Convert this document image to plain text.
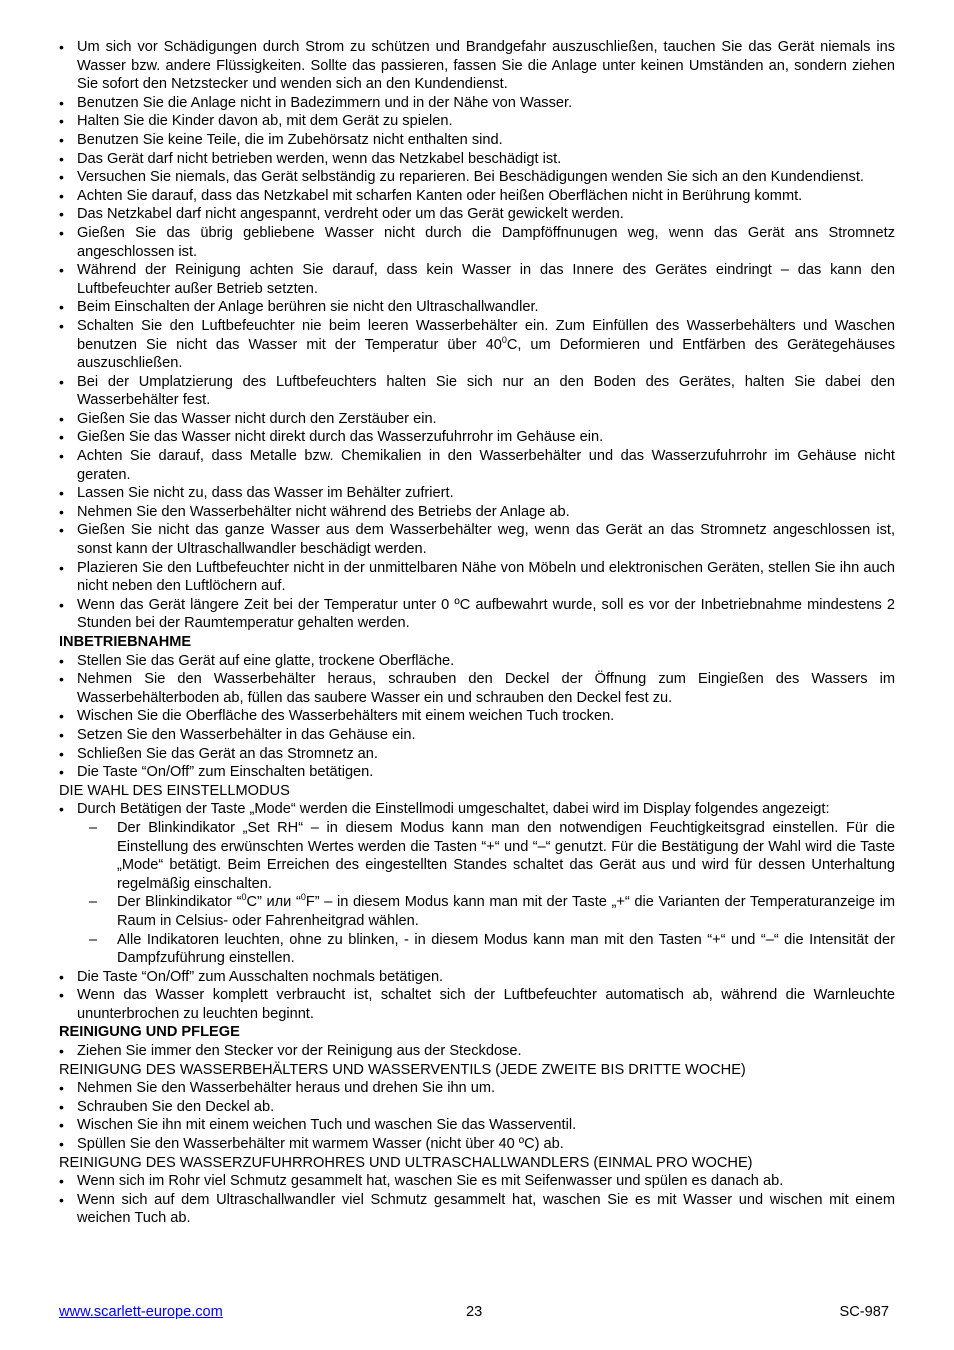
• Um sich vor Schädigungen durch Strom zu schützen und Brandgefahr auszuschließen, tauchen Sie das Gerät niemals ins Wasser bzw. andere Flüssigkeiten. Sollte das passieren, fassen Sie die Anlage unter keinen Umständen an, sondern ziehen Sie sofort den Netzstecker und wenden sich an den Kundendienst.
• Benutzen Sie die Anlage nicht in Badezimmern und in der Nähe von Wasser.
• Halten Sie die Kinder davon ab, mit dem Gerät zu spielen.
• Benutzen Sie keine Teile, die im Zubehörsatz nicht enthalten sind.
• Das Gerät darf nicht betrieben werden, wenn das Netzkabel beschädigt ist.
• Versuchen Sie niemals, das Gerät selbständig zu reparieren. Bei Beschädigungen wenden Sie sich an den Kundendienst.
• Achten Sie darauf, dass das Netzkabel mit scharfen Kanten oder heißen Oberflächen nicht in Berührung kommt.
• Das Netzkabel darf nicht angespannt, verdreht oder um das Gerät gewickelt werden.
• Gießen Sie das übrig gebliebene Wasser nicht durch die Dampföffnunugen weg, wenn das Gerät ans Stromnetz angeschlossen ist.
• Während der Reinigung achten Sie darauf, dass kein Wasser in das Innere des Gerätes eindringt – das kann den Luftbefeuchter außer Betrieb setzten.
• Beim Einschalten der Anlage berühren sie nicht den Ultraschallwandler.
• Schalten Sie den Luftbefeuchter nie beim leeren Wasserbehälter ein. Zum Einfüllen des Wasserbehälters und Waschen benutzen Sie nicht das Wasser mit der Temperatur über $40^0C$, um Deformieren und Entfärben des Gerätegehäuses auszuschließen.
• Bei der Umplatzierung des Luftbefeuchters halten Sie sich nur an den Boden des Gerätes, halten Sie dabei den Wasserbehälter fest.
• Gießen Sie das Wasser nicht durch den Zerstäuber ein.
• Gießen Sie das Wasser nicht direkt durch das Wasserzufuhrrohr im Gehäuse ein.
• Achten Sie darauf, dass Metalle bzw. Chemikalien in den Wasserbehälter und das Wasserzufuhrrohr im Gehäuse nicht geraten.
• Lassen Sie nicht zu, dass das Wasser im Behälter zufriert.
• Nehmen Sie den Wasserbehälter nicht während des Betriebs der Anlage ab.
• Gießen Sie nicht das ganze Wasser aus dem Wasserbehälter weg, wenn das Gerät an das Stromnetz angeschlossen ist, sonst kann der Ultraschallwandler beschädigt werden.
• Plazieren Sie den Luftbefeuchter nicht in der unmittelbaren Nähe von Möbeln und elektronischen Geräten, stellen Sie ihn auch nicht neben den Luftlöchern auf.
• Wenn das Gerät längere Zeit bei der Temperatur unter 0 ºC aufbewahrt wurde, soll es vor der Inbetriebnahme mindestens 2 Stunden bei der Raumtemperatur gehalten werden.
INBETRIEBNAHME
• Stellen Sie das Gerät auf eine glatte, trockene Oberfläche.
• Nehmen Sie den Wasserbehälter heraus, schrauben den Deckel der Öffnung zum Eingießen des Wassers im Wasserbehälterboden ab, füllen das saubere Wasser ein und schrauben den Deckel fest zu.
• Wischen Sie die Oberfläche des Wasserbehälters mit einem weichen Tuch trocken.
• Setzen Sie den Wasserbehälter in das Gehäuse ein.
• Schließen Sie das Gerät an das Stromnetz an.
• Die Taste “On/Off” zum Einschalten betätigen.
DIE WAHL DES EINSTELLMODUS
• Durch Betätigen der Taste „Mode“ werden die Einstellmodi umgeschaltet, dabei wird im Display folgendes angezeigt:
– Der Blinkindikator „Set RH“ – in diesem Modus kann man den notwendigen Feuchtigkeitsgrad einstellen. Für die Einstellung des erwünschten Wertes werden die Tasten “+“ und “–“ genutzt. Für die Bestätigung der Wahl wird die Taste „Mode“ betätigt. Beim Erreichen des eingestellten Standes schaltet das Gerät aus und wird für dessen Unterhaltung regelmäßig einschalten.
– Der Blinkindikator “$^0$C” или “$^0$F” – in diesem Modus kann man mit der Taste „+“ die Varianten der Temperaturanzeige im Raum in Celsius- oder Fahrenheitgrad wählen.
– Alle Indikatoren leuchten, ohne zu blinken, - in diesem Modus kann man mit den Tasten “+“ und “–“ die Intensität der Dampfzuführung einstellen.
• Die Taste “On/Off” zum Ausschalten nochmals betätigen.
• Wenn das Wasser komplett verbraucht ist, schaltet sich der Luftbefeuchter automatisch ab, während die Warnleuchte ununterbrochen zu leuchten beginnt.
REINIGUNG UND PFLEGE
• Ziehen Sie immer den Stecker vor der Reinigung aus der Steckdose.
REINIGUNG DES WASSERBEHÄLTERS UND WASSERVENTILS (JEDE ZWEITE BIS DRITTE WOCHE)
• Nehmen Sie den Wasserbehälter heraus und drehen Sie ihn um.
• Schrauben Sie den Deckel ab.
• Wischen Sie ihn mit einem weichen Tuch und waschen Sie das Wasserventil.
• Spüllen Sie den Wasserbehälter mit warmem Wasser (nicht über 40 ºC) ab.
REINIGUNG DES WASSERZUFUHRROHRES UND ULTRASCHALLWANDLERS (EINMAL PRO WOCHE)
• Wenn sich im Rohr viel Schmutz gesammelt hat, waschen Sie es mit Seifenwasser und spülen es danach ab.
• Wenn sich auf dem Ultraschallwandler viel Schmutz gesammelt hat, waschen Sie es mit Wasser und wischen mit einem weichen Tuch ab.
www.scarlett-europe.com	23	SC-987
